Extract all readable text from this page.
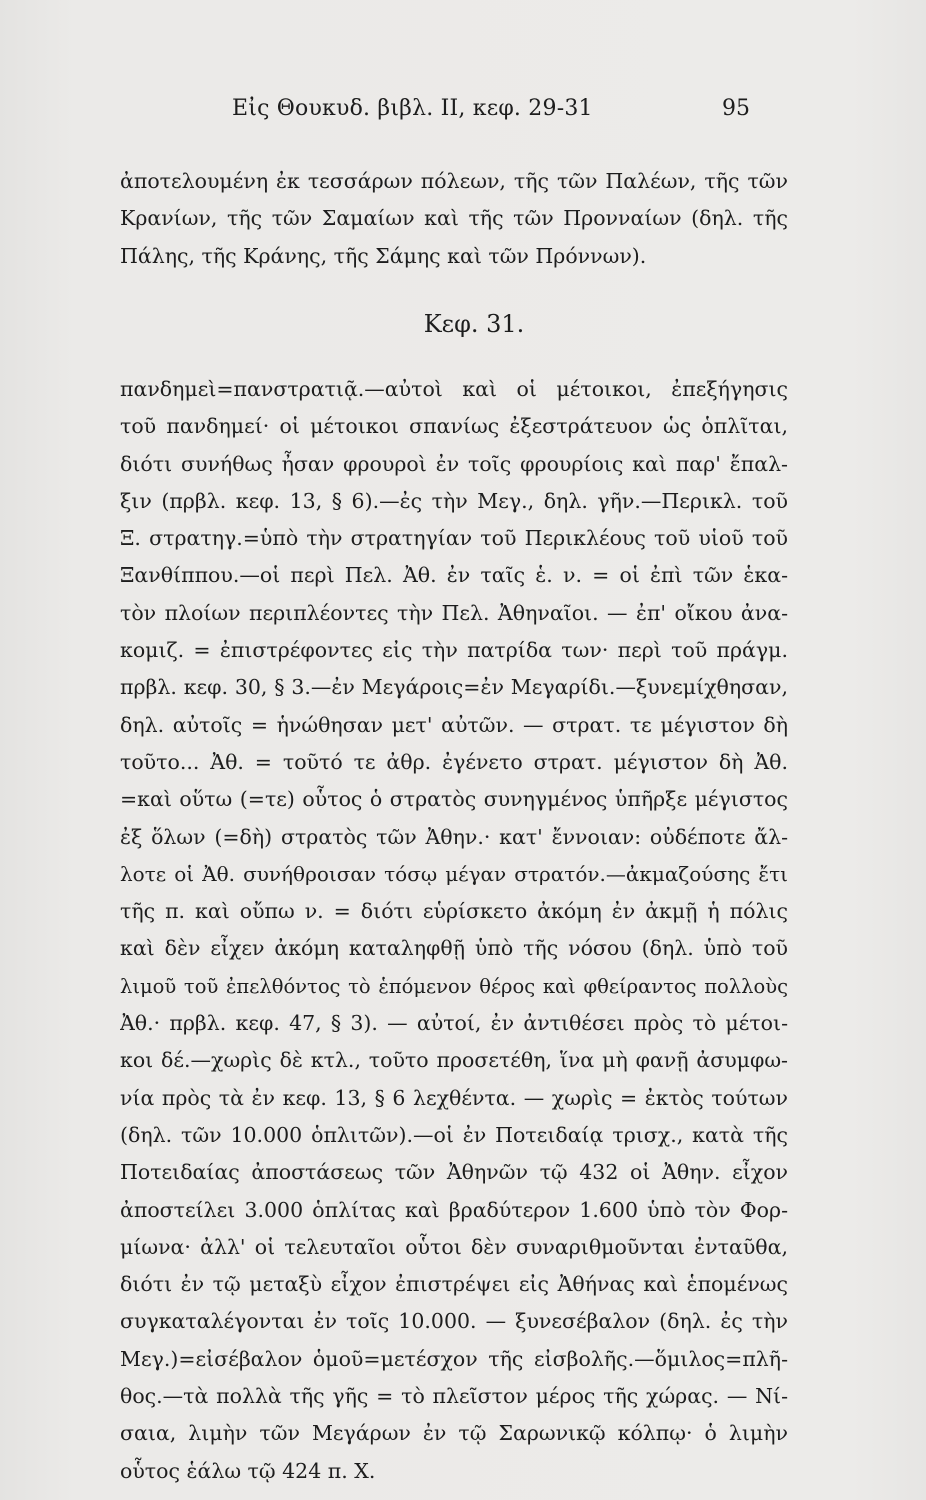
Εἰς Θουκυδ. βιβλ. II, κεφ. 29-31	95
ἀποτελουμένη ἐκ τεσσάρων πόλεων, τῆς τῶν Παλέων, τῆς τῶν
Κρανίων, τῆς τῶν Σαμαίων καὶ τῆς τῶν Προνναίων (δηλ. τῆς
Πάλης, τῆς Κράνης, τῆς Σάμης καὶ τῶν Πρόννων).
Κεφ. 31.
πανδημεὶ=πανστρατιᾷ.—αὐτοὶ καὶ οἱ μέτοικοι, ἐπεξήγησις
τοῦ πανδημεί· οἱ μέτοικοι σπανίως ἐξεστράτευον ὡς ὁπλῖται,
διότι συνήθως ἦσαν φρουροὶ ἐν τοῖς φρουρίοις καὶ παρ' ἔπαλ-
ξιν (πρβλ. κεφ. 13, § 6).—ἐς τὴν Μεγ., δηλ. γῆν.—Περικλ. τοῦ
Ξ. στρατηγ.=ὑπὸ τὴν στρατηγίαν τοῦ Περικλέους τοῦ υἱοῦ τοῦ
Ξανθίππου.—οἱ περὶ Πελ. Ἀθ. ἐν ταῖς ἑ. ν. = οἱ ἐπὶ τῶν ἑκα-
τὸν πλοίων περιπλέοντες τὴν Πελ. Ἀθηναῖοι. — ἐπ' οἴκου ἀνα-
κομιζ. = ἐπιστρέφοντες εἰς τὴν πατρίδα των· περὶ τοῦ πράγμ.
πρβλ. κεφ. 30, § 3.—ἐν Μεγάροις=ἐν Μεγαρίδι.—ξυνεμίχθησαν,
δηλ. αὐτοῖς = ἡνώθησαν μετ' αὐτῶν. — στρατ. τε μέγιστον δὴ
τοῦτο... Ἀθ. = τοῦτό τε ἀθρ. ἐγένετο στρατ. μέγιστον δὴ Ἀθ.
=καὶ οὕτω (=τε) οὗτος ὁ στρατὸς συνηγμένος ὑπῆρξε μέγιστος
ἐξ ὅλων (=δὴ) στρατὸς τῶν Ἀθην.· κατ' ἔννοιαν: οὐδέποτε ἄλ-
λοτε οἱ Ἀθ. συνήθροισαν τόσῳ μέγαν στρατόν.—ἀκμαζούσης ἔτι
τῆς π. καὶ οὔπω ν. = διότι εὑρίσκετο ἀκόμη ἐν ἀκμῇ ἡ πόλις
καὶ δὲν εἶχεν ἀκόμη καταληφθῇ ὑπὸ τῆς νόσου (δηλ. ὑπὸ τοῦ
λιμοῦ τοῦ ἐπελθόντος τὸ ἑπόμενον θέρος καὶ φθείραντος πολλοὺς
Ἀθ.· πρβλ. κεφ. 47, § 3). — αὐτοί, ἐν ἀντιθέσει πρὸς τὸ μέτοι-
κοι δέ.—χωρὶς δὲ κτλ., τοῦτο προσετέθη, ἵνα μὴ φανῇ ἀσυμφω-
νία πρὸς τὰ ἐν κεφ. 13, § 6 λεχθέντα. — χωρὶς = ἐκτὸς τούτων
(δηλ. τῶν 10.000 ὁπλιτῶν).—οἱ ἐν Ποτειδαίᾳ τρισχ., κατὰ τῆς
Ποτειδαίας ἀποστάσεως τῶν Ἀθηνῶν τῷ 432 οἱ Ἀθην. εἶχον
ἀποστείλει 3.000 ὁπλίτας καὶ βραδύτερον 1.600 ὑπὸ τὸν Φορ-
μίωνα· ἀλλ' οἱ τελευταῖοι οὗτοι δὲν συναριθμοῦνται ἐνταῦθα,
διότι ἐν τῷ μεταξὺ εἶχον ἐπιστρέψει εἰς Ἀθήνας καὶ ἑπομένως
συγκαταλέγονται ἐν τοῖς 10.000. — ξυνεσέβαλον (δηλ. ἐς τὴν
Μεγ.)=εἰσέβαλον ὁμοῦ=μετέσχον τῆς εἰσβολῆς.—ὅμιλος=πλῆ-
θος.—τὰ πολλὰ τῆς γῆς = τὸ πλεῖστον μέρος τῆς χώρας. — Νί-
σαια, λιμὴν τῶν Μεγάρων ἐν τῷ Σαρωνικῷ κόλπῳ· ὁ λιμὴν
οὗτος ἑάλω τῷ 424 π. Χ.
